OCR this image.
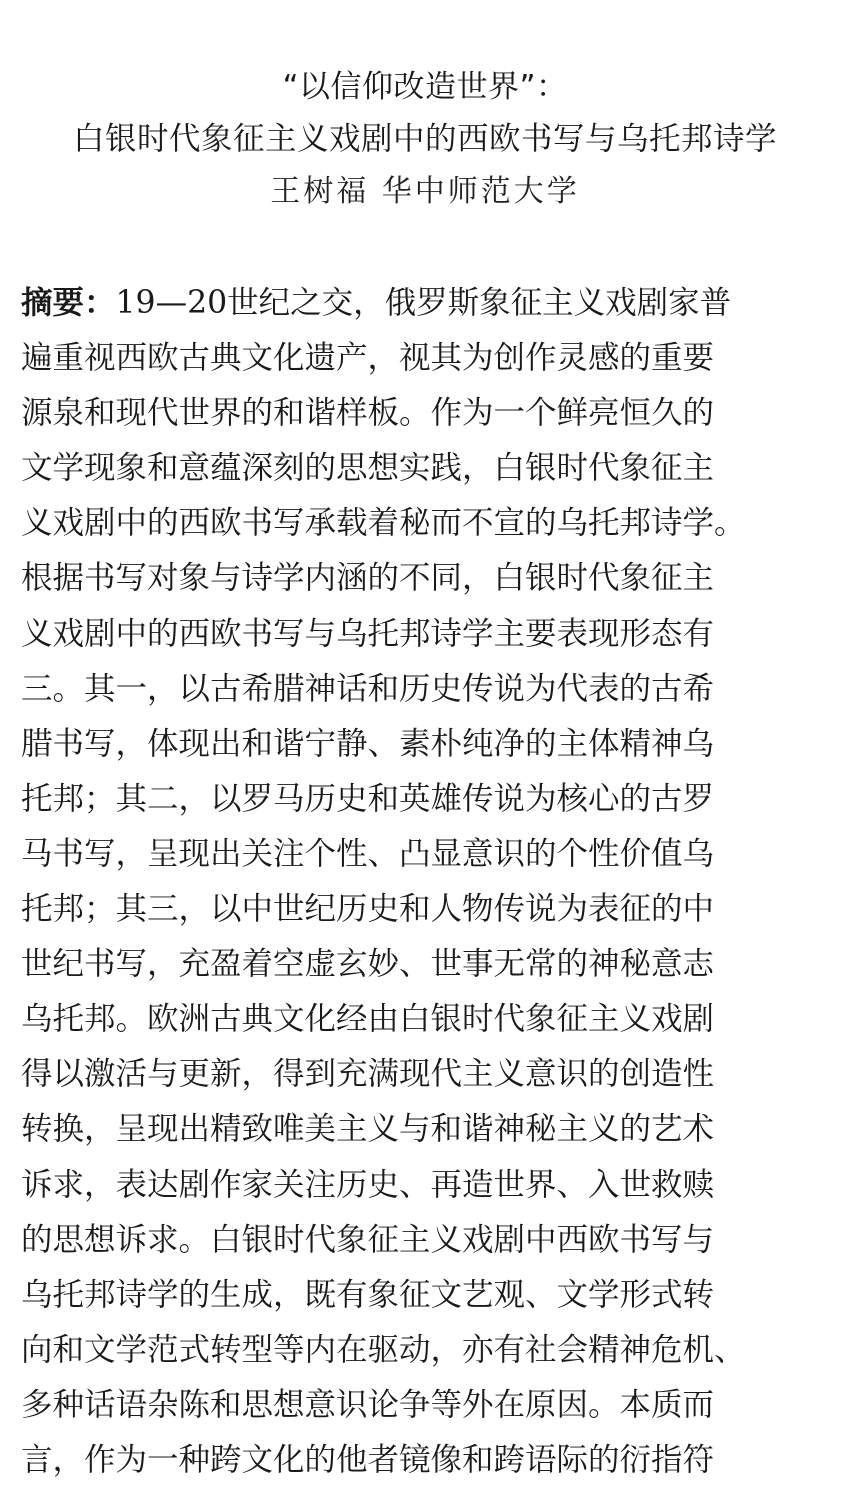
“以信仰改造世界”：
白银时代象征主义戏剧中的西欧书写与乌托邦诗学
王树福 华中师范大学
摘要：19—20世纪之交，俄罗斯象征主义戏剧家普
遍重视西欧古典文化遗产，视其为创作灵感的重要
源泉和现代世界的和谐样板。作为一个鲜亮恒久的
文学现象和意蕴深刻的思想实践，白银时代象征主
义戏剧中的西欧书写承载着秘而不宣的乌托邦诗学。
根据书写对象与诗学内涵的不同，白银时代象征主
义戏剧中的西欧书写与乌托邦诗学主要表现形态有
三。其一，以古希腊神话和历史传说为代表的古希
腊书写，体现出和谐宁静、素朴纯净的主体精神乌
托邦；其二，以罗马历史和英雄传说为核心的古罗
马书写，呈现出关注个性、凸显意识的个性价值乌
托邦；其三，以中世纪历史和人物传说为表征的中
世纪书写，充盈着空虚玄妙、世事无常的神秘意志
乌托邦。欧洲古典文化经由白银时代象征主义戏剧
得以激活与更新，得到充满现代主义意识的创造性
转换，呈现出精致唯美主义与和谐神秘主义的艺术
诉求，表达剧作家关注历史、再造世界、入世救赎
的思想诉求。白银时代象征主义戏剧中西欧书写与
乌托邦诗学的生成，既有象征文艺观、文学形式转
向和文学范式转型等内在驱动，亦有社会精神危机、
多种话语杂陈和思想意识论争等外在原因。本质而
言，作为一种跨文化的他者镜像和跨语际的衍指符
